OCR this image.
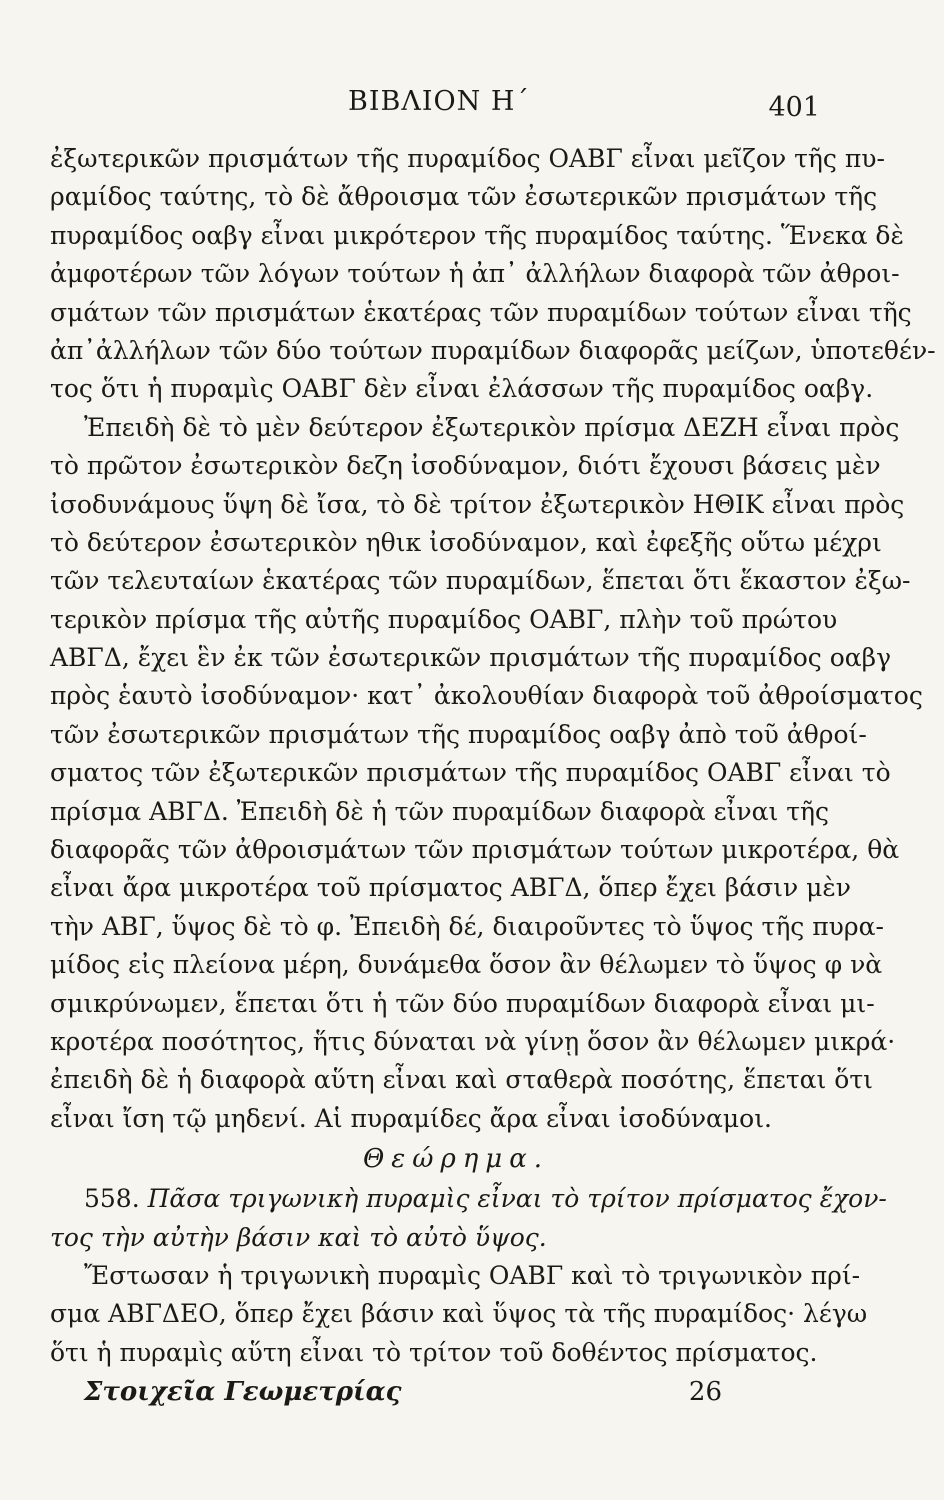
ΒΙΒΛΙΟΝ Η΄	401
ἐξωτερικῶν πρισμάτων τῆς πυραμίδος ΟΑΒΓ εἶναι μεῖζον τῆς πυ-
ραμίδος ταύτης, τὸ δὲ ἄθροισμα τῶν ἐσωτερικῶν πρισμάτων τῆς
πυραμίδος οαβγ εἶναι μικρότερον τῆς πυραμίδος ταύτης. Ἕνεκα δὲ
ἀμφοτέρων τῶν λόγων τούτων ἡ ἀπ᾽ ἀλλήλων διαφορὰ τῶν ἀθροι-
σμάτων τῶν πρισμάτων ἑκατέρας τῶν πυραμίδων τούτων εἶναι τῆς
ἀπ᾽ἀλλήλων τῶν δύο τούτων πυραμίδων διαφορᾶς μείζων, ὑποτεθέν-
τος ὅτι ἡ πυραμὶς ΟΑΒΓ δὲν εἶναι ἐλάσσων τῆς πυραμίδος οαβγ.
Ἐπειδὴ δὲ τὸ μὲν δεύτερον ἐξωτερικὸν πρίσμα ΔΕΖΗ εἶναι πρὸς
τὸ πρῶτον ἐσωτερικὸν δεζη ἰσοδύναμον, διότι ἔχουσι βάσεις μὲν
ἰσοδυνάμους ὕψη δὲ ἴσα, τὸ δὲ τρίτον ἐξωτερικὸν ΗΘΙΚ εἶναι πρὸς
τὸ δεύτερον ἐσωτερικὸν ηθικ ἰσοδύναμον, καὶ ἐφεξῆς οὕτω μέχρι
τῶν τελευταίων ἑκατέρας τῶν πυραμίδων, ἕπεται ὅτι ἕκαστον ἐξω-
τερικὸν πρίσμα τῆς αὐτῆς πυραμίδος ΟΑΒΓ, πλὴν τοῦ πρώτου
ΑΒΓΔ, ἔχει ἓν ἐκ τῶν ἐσωτερικῶν πρισμάτων τῆς πυραμίδος οαβγ
πρὸς ἑαυτὸ ἰσοδύναμον· κατ᾽ ἀκολουθίαν διαφορὰ τοῦ ἀθροίσματος
τῶν ἐσωτερικῶν πρισμάτων τῆς πυραμίδος οαβγ ἀπὸ τοῦ ἀθροί-
σματος τῶν ἐξωτερικῶν πρισμάτων τῆς πυραμίδος ΟΑΒΓ εἶναι τὸ
πρίσμα ΑΒΓΔ. Ἐπειδὴ δὲ ἡ τῶν πυραμίδων διαφορὰ εἶναι τῆς
διαφορᾶς τῶν ἀθροισμάτων τῶν πρισμάτων τούτων μικροτέρα, θὰ
εἶναι ἄρα μικροτέρα τοῦ πρίσματος ΑΒΓΔ, ὅπερ ἔχει βάσιν μὲν
τὴν ΑΒΓ, ὕψος δὲ τὸ φ. Ἐπειδὴ δέ, διαιροῦντες τὸ ὕψος τῆς πυρα-
μίδος εἰς πλείονα μέρη, δυνάμεθα ὅσον ἂν θέλωμεν τὸ ὕψος φ νὰ
σμικρύνωμεν, ἕπεται ὅτι ἡ τῶν δύο πυραμίδων διαφορὰ εἶναι μι-
κροτέρα ποσότητος, ἥτις δύναται νὰ γίνῃ ὅσον ἂν θέλωμεν μικρά·
ἐπειδὴ δὲ ἡ διαφορὰ αὕτη εἶναι καὶ σταθερὰ ποσότης, ἕπεται ὅτι
εἶναι ἴση τῷ μηδενί. Αἱ πυραμίδες ἄρα εἶναι ἰσοδύναμοι.
Θεώρημα.
558. Πᾶσα τριγωνικὴ πυραμὶς εἶναι τὸ τρίτον πρίσματος ἔχον-
τος τὴν αὐτὴν βάσιν καὶ τὸ αὐτὸ ὕψος.
Ἔστωσαν ἡ τριγωνικὴ πυραμὶς ΟΑΒΓ καὶ τὸ τριγωνικὸν πρί-
σμα ΑΒΓΔΕΟ, ὅπερ ἔχει βάσιν καὶ ὕψος τὰ τῆς πυραμίδος· λέγω
ὅτι ἡ πυραμὶς αὕτη εἶναι τὸ τρίτον τοῦ δοθέντος πρίσματος.
Στοιχεῖα Γεωμετρίας	26
